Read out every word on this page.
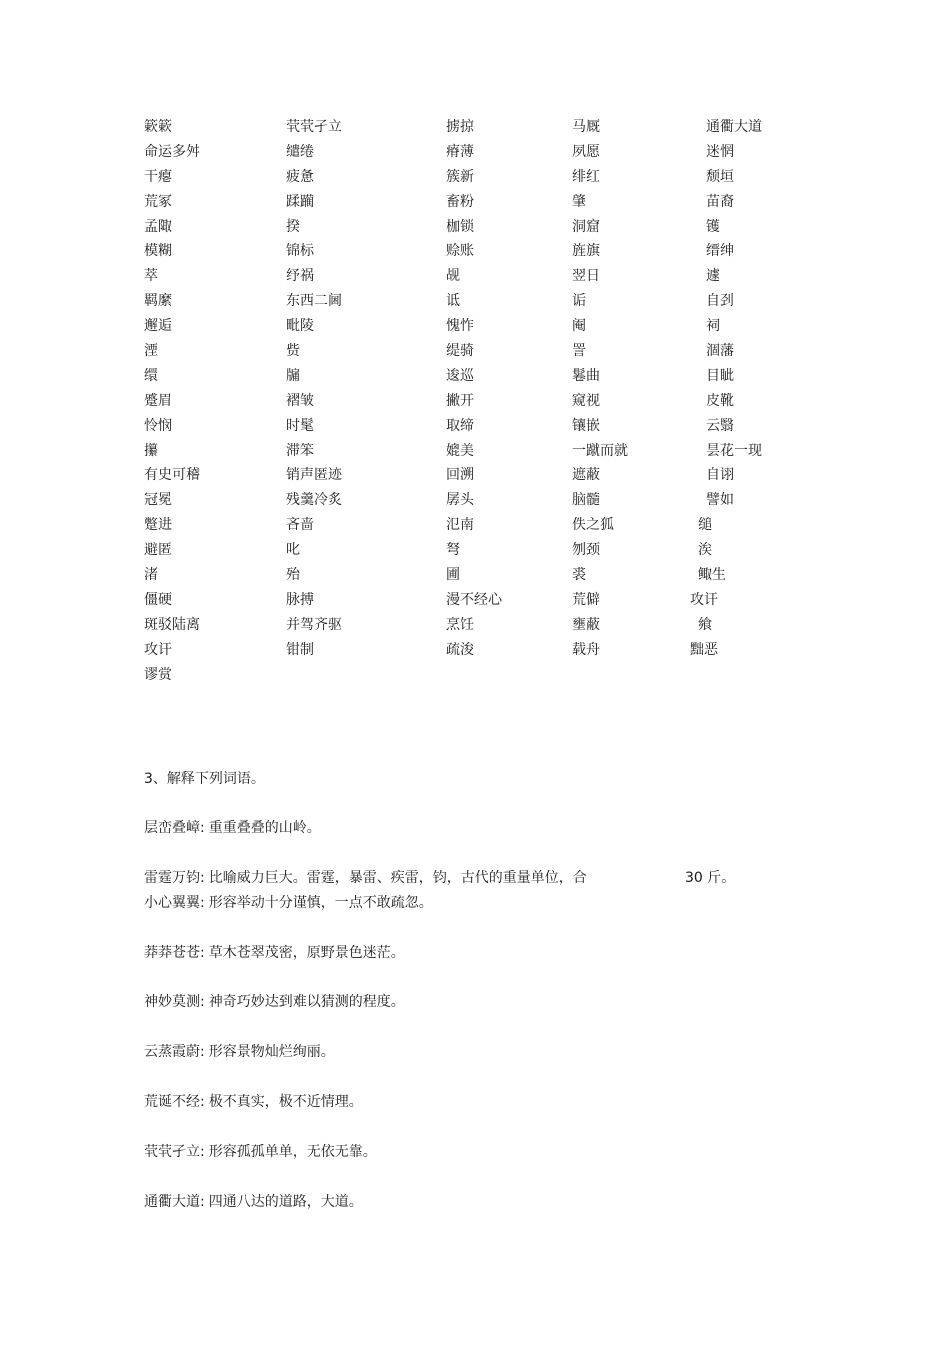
簌簌	茕茕孑立	掳掠	马厩	通衢大道
命运多舛	缱绻	瘠薄	夙愿	迷惘
干瘪	疲惫	簇新	绯红	颓垣
荒冢	蹂躏	畜粉	肇	苗裔
孟陬	揆	枷锁	洞窟	镬
模糊	锦标	赊账	旌旗	缙绅
萃	纾祸	觇	翌日	遽
羁縻	东西二阃	诋	诟	自刭
邂逅	毗陵	愧怍	阉	祠
湮	赀	缇骑	詈	涸藩
缳	牖	逡巡	鬈曲	目眦
蹙眉	褶皱	撇开	窥视	皮靴
怜悯	时髦	取缔	镶嵌	云翳
攥	滞笨	媲美	一蹴而就	昙花一现
有史可稽	销声匿迹	回溯	遮蔽	自诩
冠冕	残羹冷炙	孱头	脑髓	譬如
蹩进	吝啬	氾南	佚之狐	缒
避匿	叱	弩	刎颈	涘
渚	殆	圃	裘	鲰生
僵硬	脉搏	漫不经心	荒僻	攻讦
斑驳陆离	并驾齐驱	烹饪	壅蔽	飨
攻讦	钳制	疏浚	载舟	黜恶
谬赏
3、解释下列词语。
层峦叠嶂: 重重叠叠的山岭。
雷霆万钧: 比喻威力巨大。雷霆，暴雷、疾雷，钧，古代的重量单位，合	30 斤。
小心翼翼: 形容举动十分谨慎，一点不敢疏忽。
莽莽苍苍: 草木苍翠茂密，原野景色迷茫。
神妙莫测: 神奇巧妙达到难以猜测的程度。
云蒸霞蔚: 形容景物灿烂绚丽。
荒诞不经: 极不真实，极不近情理。
茕茕孑立: 形容孤孤单单，无依无靠。
通衢大道: 四通八达的道路，大道。
